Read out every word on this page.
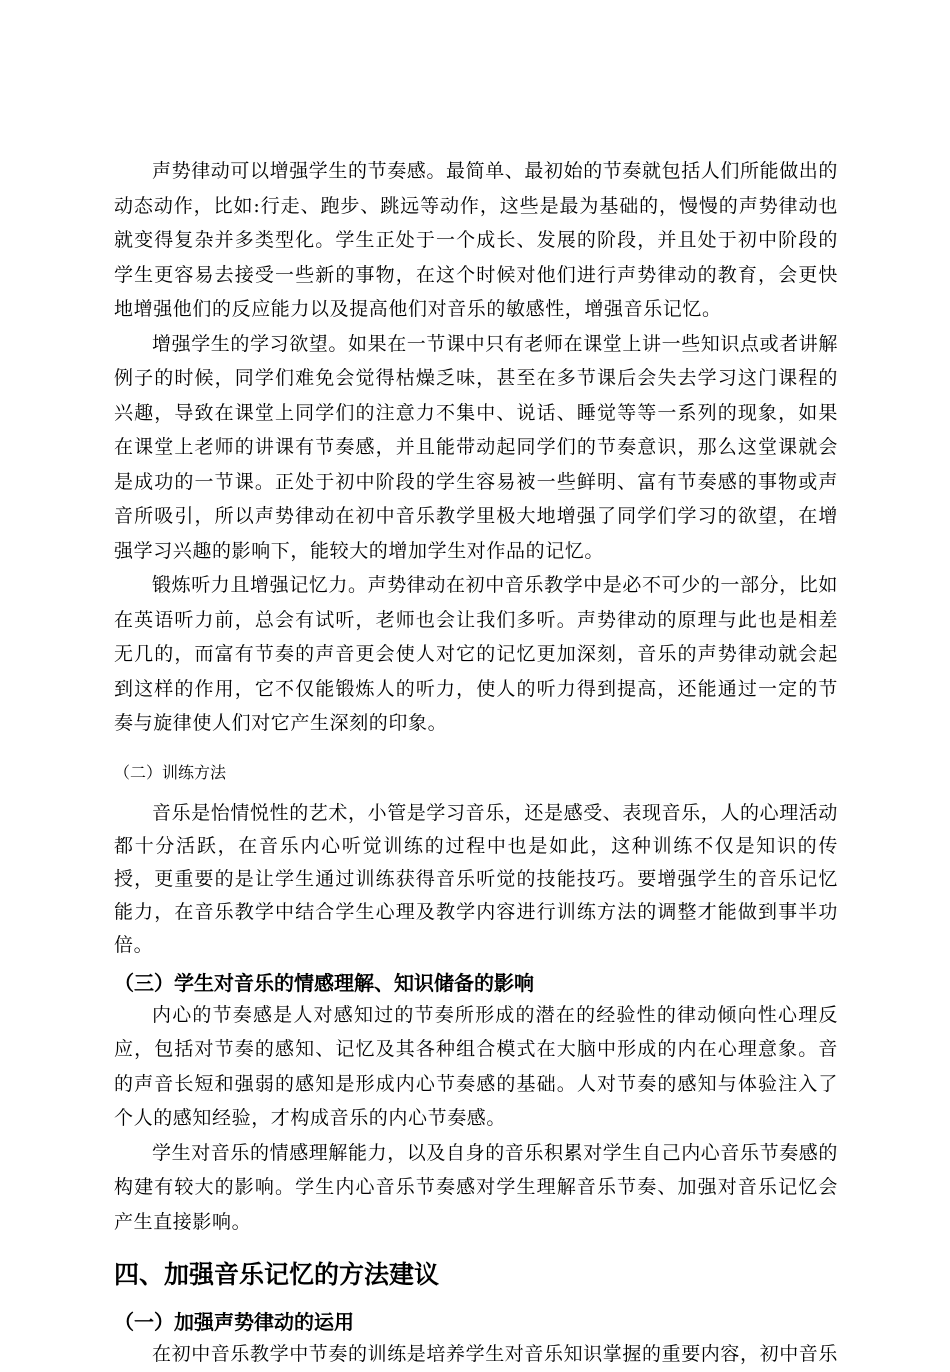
声势律动可以增强学生的节奏感。最简单、最初始的节奏就包括人们所能做出的动态动作，比如:行走、跑步、跳远等动作，这些是最为基础的，慢慢的声势律动也就变得复杂并多类型化。学生正处于一个成长、发展的阶段，并且处于初中阶段的学生更容易去接受一些新的事物，在这个时候对他们进行声势律动的教育，会更快地增强他们的反应能力以及提高他们对音乐的敏感性，增强音乐记忆。

增强学生的学习欲望。如果在一节课中只有老师在课堂上讲一些知识点或者讲解例子的时候，同学们难免会觉得枯燥乏味，甚至在多节课后会失去学习这门课程的兴趣，导致在课堂上同学们的注意力不集中、说话、睡觉等等一系列的现象，如果在课堂上老师的讲课有节奏感，并且能带动起同学们的节奏意识，那么这堂课就会是成功的一节课。正处于初中阶段的学生容易被一些鲜明、富有节奏感的事物或声音所吸引，所以声势律动在初中音乐教学里极大地增强了同学们学习的欲望，在增强学习兴趣的影响下，能较大的增加学生对作品的记忆。

锻炼听力且增强记忆力。声势律动在初中音乐教学中是必不可少的一部分，比如在英语听力前，总会有试听，老师也会让我们多听。声势律动的原理与此也是相差无几的，而富有节奏的声音更会使人对它的记忆更加深刻，音乐的声势律动就会起到这样的作用，它不仅能锻炼人的听力，使人的听力得到提高，还能通过一定的节奏与旋律使人们对它产生深刻的印象。

（二）训练方法

音乐是怡情悦性的艺术，小管是学习音乐，还是感受、表现音乐，人的心理活动都十分活跃，在音乐内心听觉训练的过程中也是如此，这种训练不仅是知识的传授，更重要的是让学生通过训练获得音乐听觉的技能技巧。要增强学生的音乐记忆能力，在音乐教学中结合学生心理及教学内容进行训练方法的调整才能做到事半功倍。

（三）学生对音乐的情感理解、知识储备的影响

内心的节奏感是人对感知过的节奏所形成的潜在的经验性的律动倾向性心理反应，包括对节奏的感知、记忆及其各种组合模式在大脑中形成的内在心理意象。音的声音长短和强弱的感知是形成内心节奏感的基础。人对节奏的感知与体验注入了个人的感知经验，才构成音乐的内心节奏感。

学生对音乐的情感理解能力，以及自身的音乐积累对学生自己内心音乐节奏感的构建有较大的影响。学生内心音乐节奏感对学生理解音乐节奏、加强对音乐记忆会产生直接影响。

四、加强音乐记忆的方法建议
（一）加强声势律动的运用

在初中音乐教学中节奏的训练是培养学生对音乐知识掌握的重要内容，初中音乐
